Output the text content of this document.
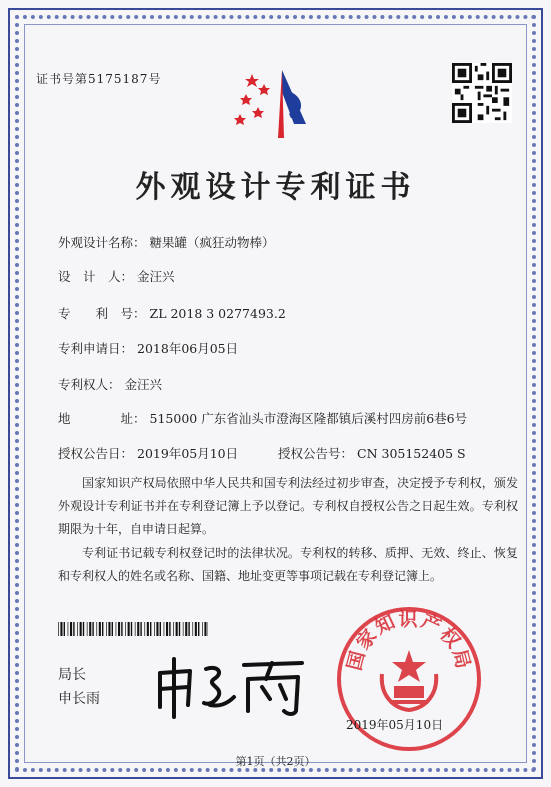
证书号第5175187号
外观设计专利证书
外观设计名称： 糖果罐（疯狂动物棒）
设　计　人： 金汪兴
专　　利　号： ZL 2018 3 0277493.2
专利申请日： 2018年06月05日
专利权人： 金汪兴
地　　　　址： 515000 广东省汕头市澄海区隆都镇后溪村四房前6巷6号
授权公告日： 2019年05月10日	授权公告号： CN 305152405 S
国家知识产权局依照中华人民共和国专利法经过初步审查，决定授予专利权，颁发外观设计专利证书并在专利登记簿上予以登记。专利权自授权公告之日起生效。专利权期限为十年，自申请日起算。
专利证书记载专利权登记时的法律状况。专利权的转移、质押、无效、终止、恢复和专利权人的姓名或名称、国籍、地址变更等事项记载在专利登记簿上。
局长
申长雨
国家知识产权局
2019年05月10日
第1页（共2页）
